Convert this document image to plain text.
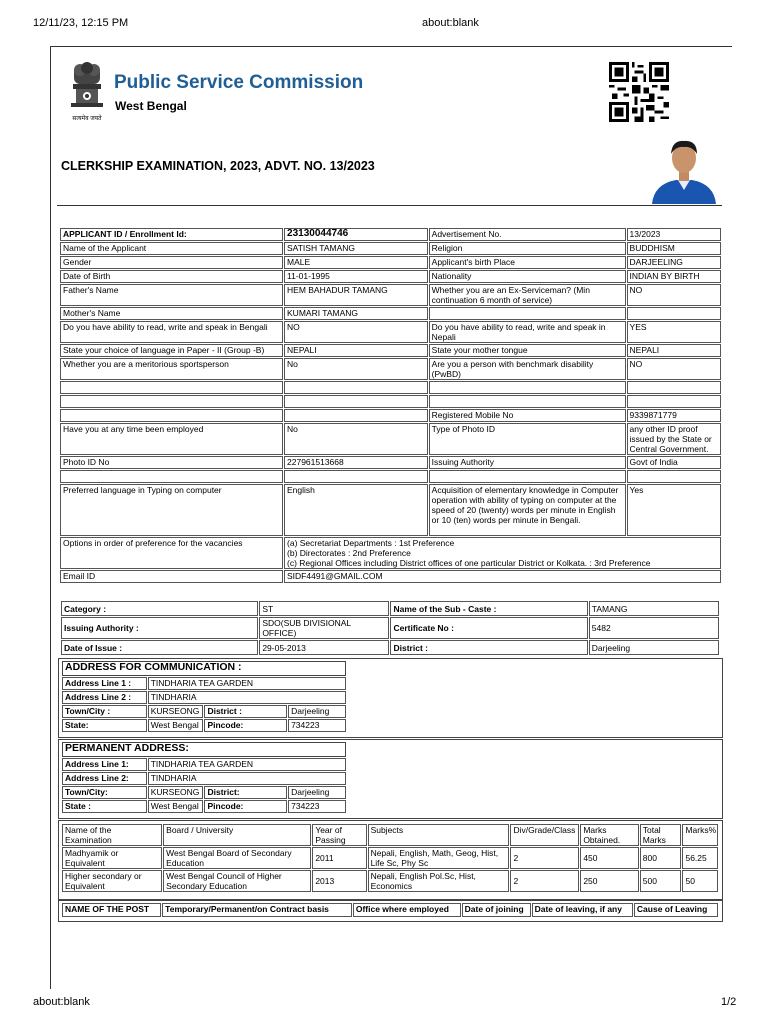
12/11/23, 12:15 PM	about:blank
सत्यमेव जयते
Public Service Commission
West Bengal
CLERKSHIP EXAMINATION, 2023, ADVT. NO. 13/2023
APPLICANT ID / Enrollment Id:	23130044746	Advertisement No.	13/2023
Name of the Applicant	SATISH TAMANG	Religion	BUDDHISM
Gender	MALE	Applicant's birth Place	DARJEELING
Date of Birth	11-01-1995	Nationality	INDIAN BY BIRTH
Father's Name	HEM BAHADUR TAMANG	Whether you are an Ex-Serviceman? (Min continuation 6 month of service)	NO
Mother's Name	KUMARI TAMANG		
Do you have ability to read, write and speak in Bengali	NO	Do you have ability to read, write and speak in Nepali	YES
State your choice of language in Paper - II (Group -B)	NEPALI	State your mother tongue	NEPALI
Whether you are a meritorious sportsperson	No	Are you a person with benchmark disability (PwBD)	NO

		Registered Mobile No	9339871779
Have you at any time been employed	No	Type of Photo ID	any other ID proof issued by the State or Central Government.
Photo ID No	227961513668	Issuing Authority	Govt of India

Preferred language in Typing on computer	English	Acquisition of elementary knowledge in Computer operation with ability of typing on computer at the speed of 20 (twenty) words per minute in English or 10 (ten) words per minute in Bengali.	Yes
Options in order of preference for the vacancies	(a) Secretariat Departments : 1st Preference
(b) Directorates : 2nd Preference
(c) Regional Offices including District offices of one particular District or Kolkata. : 3rd Preference		

Email ID	SIDF4491@GMAIL.COM		
Category :	ST	Name of the Sub - Caste :	TAMANG
Issuing Authority :	SDO(SUB DIVISIONAL OFFICE)	Certificate No :	5482
Date of Issue :	29-05-2013	District :	Darjeeling
ADDRESS FOR COMMUNICATION :			
Address Line 1 :	TINDHARIA TEA GARDEN		
Address Line 2 :	TINDHARIA		
Town/City :	KURSEONG	District :	Darjeeling
State:	West Bengal	Pincode:	734223
PERMANENT ADDRESS:			
Address Line 1:	TINDHARIA TEA GARDEN		
Address Line 2:	TINDHARIA		
Town/City:	KURSEONG	District:	Darjeeling
State :	West Bengal	Pincode:	734223
Name of the Examination	Board / University	Year of Passing	Subjects	Div/Grade/Class	Marks Obtained.	Total Marks	Marks%
Madhyamik or Equivalent	West Bengal Board of Secondary Education	2011	Nepali, English, Math, Geog, Hist, Life Sc, Phy Sc	2	450	800	56.25
Higher secondary or Equivalent	West Bengal Council of Higher Secondary Education	2013	Nepali, English Pol.Sc, Hist, Economics	2	250	500	50
NAME OF THE POST	Temporary/Permanent/on Contract basis	Office where employed	Date of joining	Date of leaving, if any	Cause of Leaving
about:blank	1/2
